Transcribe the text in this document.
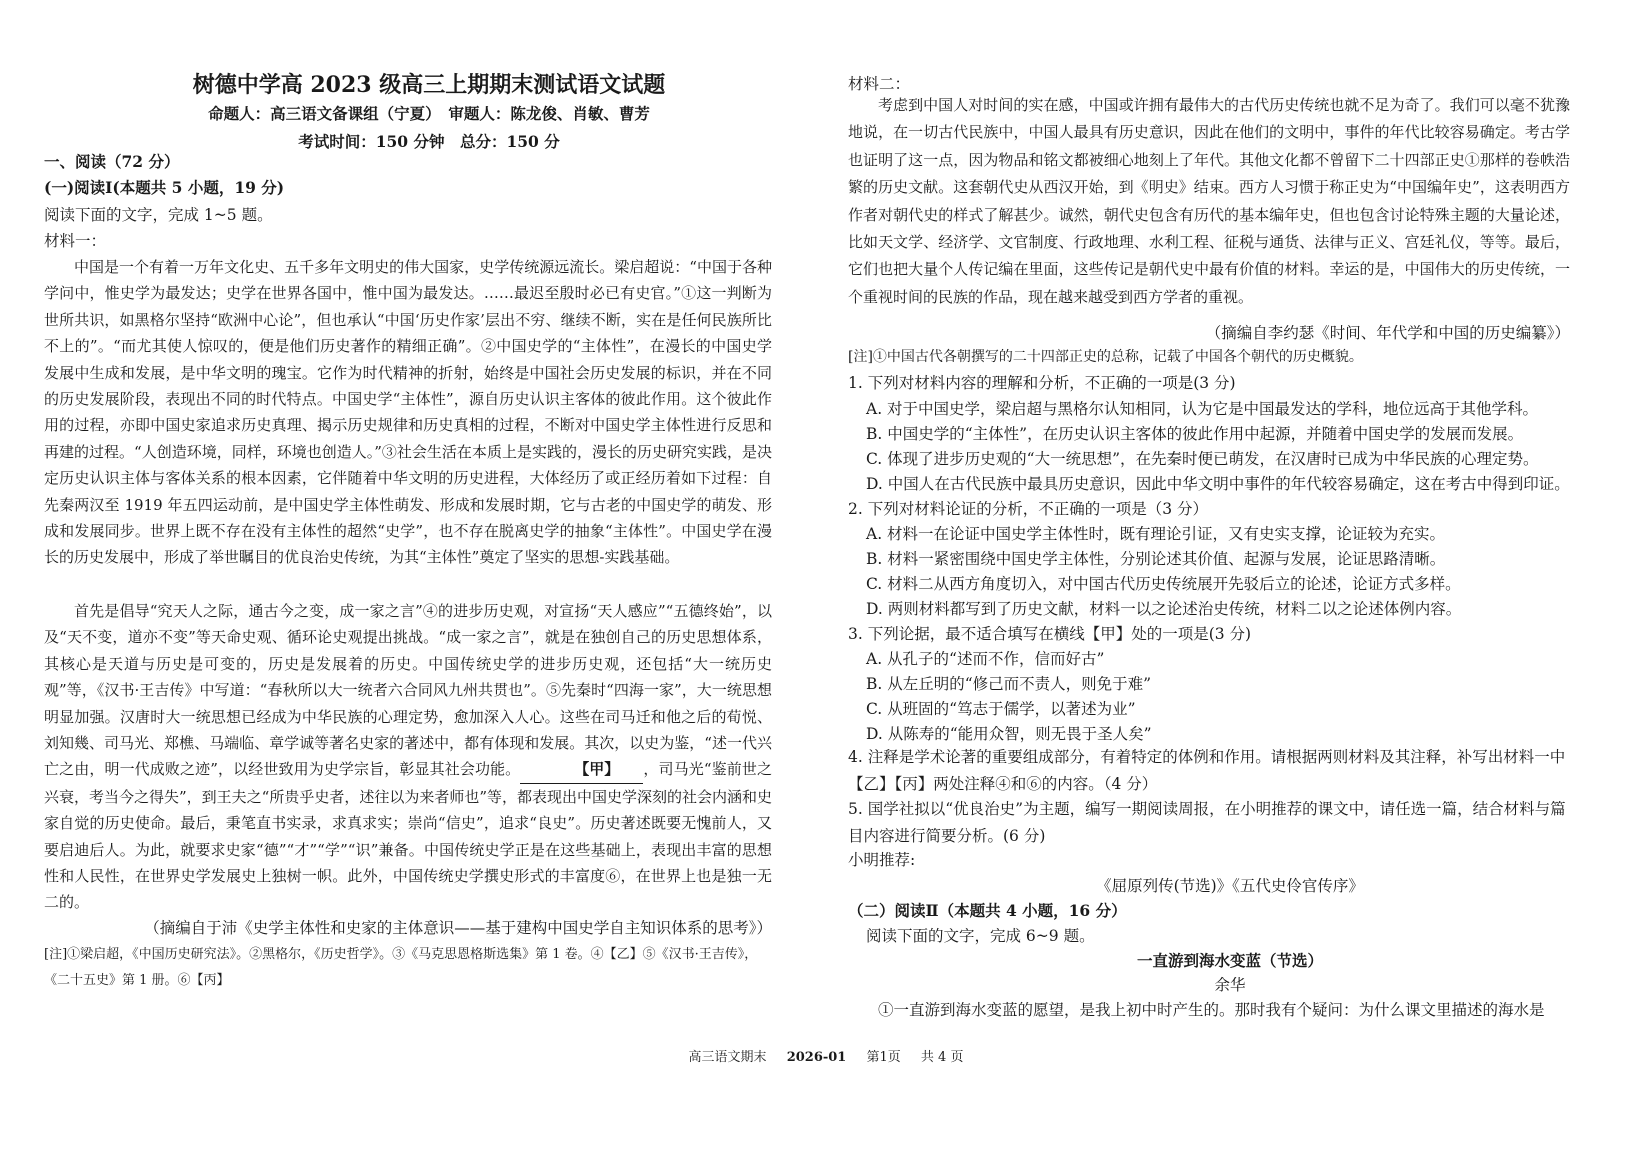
树德中学高 2023 级高三上期期末测试语文试题
命题人：高三语文备课组（宁夏）　审题人：陈龙俊、肖敏、曹芳
考试时间：150 分钟　总分：150 分
一、阅读（72 分）
(一)阅读Ⅰ(本题共 5 小题，19 分)
阅读下面的文字，完成 1~5 题。
材料一：
中国是一个有着一万年文化史、五千多年文明史的伟大国家，史学传统源远流长。梁启超说：“中国于各种学问中，惟史学为最发达；史学在世界各国中，惟中国为最发达。……最迟至殷时必已有史官。”①这一判断为世所共识，如黑格尔坚持“欧洲中心论”，但也承认“中国‘历史作家’层出不穷、继续不断，实在是任何民族所比不上的”。“而尤其使人惊叹的，便是他们历史著作的精细正确”。②中国史学的“主体性”，在漫长的中国史学发展中生成和发展，是中华文明的瑰宝。它作为时代精神的折射，始终是中国社会历史发展的标识，并在不同的历史发展阶段，表现出不同的时代特点。中国史学“主体性”，源自历史认识主客体的彼此作用。这个彼此作用的过程，亦即中国史家追求历史真理、揭示历史规律和历史真相的过程，不断对中国史学主体性进行反思和再建的过程。“人创造环境，同样，环境也创造人。”③社会生活在本质上是实践的，漫长的历史研究实践，是决定历史认识主体与客体关系的根本因素，它伴随着中华文明的历史进程，大体经历了或正经历着如下过程：自先秦两汉至 1919 年五四运动前，是中国史学主体性萌发、形成和发展时期，它与古老的中国史学的萌发、形成和发展同步。世界上既不存在没有主体性的超然“史学”，也不存在脱离史学的抽象“主体性”。中国史学在漫长的历史发展中，形成了举世瞩目的优良治史传统，为其“主体性”奠定了坚实的思想-实践基础。
首先是倡导“究天人之际，通古今之变，成一家之言”④的进步历史观，对宣扬“天人感应”“五德终始”，以及“天不变，道亦不变”等天命史观、循环论史观提出挑战。“成一家之言”，就是在独创自己的历史思想体系，其核心是天道与历史是可变的，历史是发展着的历史。中国传统史学的进步历史观，还包括“大一统历史观”等，《汉书·王吉传》中写道：“春秋所以大一统者六合同风九州共贯也”。⑤先秦时“四海一家”，大一统思想明显加强。汉唐时大一统思想已经成为中华民族的心理定势，愈加深入人心。这些在司马迁和他之后的荀悦、刘知幾、司马光、郑樵、马端临、章学诚等著名史家的著述中，都有体现和发展。其次，以史为鉴，“述一代兴亡之由，明一代成败之迹”，以经世致用为史学宗旨，彰显其社会功能。	【甲】 ，司马光“鉴前世之兴衰，考当今之得失”，到王夫之“所贵乎史者，述往以为来者师也”等，都表现出中国史学深刻的社会内涵和史家自觉的历史使命。最后，秉笔直书实录，求真求实；崇尚“信史”，追求“良史”。历史著述既要无愧前人，又要启迪后人。为此，就要求史家“德”“才”“学”“识”兼备。中国传统史学正是在这些基础上，表现出丰富的思想性和人民性，在世界史学发展史上独树一帜。此外，中国传统史学撰史形式的丰富度⑥，在世界上也是独一无二的。
（摘编自于沛《史学主体性和史家的主体意识——基于建构中国史学自主知识体系的思考》）
[注]①梁启超，《中国历史研究法》。②黑格尔，《历史哲学》。③《马克思恩格斯选集》第 1 卷。④【乙】⑤《汉书·王吉传》，《二十五史》第 1 册。⑥【丙】
材料二：
考虑到中国人对时间的实在感，中国或许拥有最伟大的古代历史传统也就不足为奇了。我们可以毫不犹豫地说，在一切古代民族中，中国人最具有历史意识，因此在他们的文明中，事件的年代比较容易确定。考古学也证明了这一点，因为物品和铭文都被细心地刻上了年代。其他文化都不曾留下二十四部正史①那样的卷帙浩繁的历史文献。这套朝代史从西汉开始，到《明史》结束。西方人习惯于称正史为“中国编年史”，这表明西方作者对朝代史的样式了解甚少。诚然，朝代史包含有历代的基本编年史，但也包含讨论特殊主题的大量论述，比如天文学、经济学、文官制度、行政地理、水利工程、征税与通货、法律与正义、宫廷礼仪，等等。最后，它们也把大量个人传记编在里面，这些传记是朝代史中最有价值的材料。幸运的是，中国伟大的历史传统，一个重视时间的民族的作品，现在越来越受到西方学者的重视。
（摘编自李约瑟《时间、年代学和中国的历史编纂》）
[注]①中国古代各朝撰写的二十四部正史的总称，记载了中国各个朝代的历史概貌。
1. 下列对材料内容的理解和分析，不正确的一项是(3 分)
A. 对于中国史学，梁启超与黑格尔认知相同，认为它是中国最发达的学科，地位远高于其他学科。
B. 中国史学的“主体性”，在历史认识主客体的彼此作用中起源，并随着中国史学的发展而发展。
C. 体现了进步历史观的“大一统思想”，在先秦时便已萌发，在汉唐时已成为中华民族的心理定势。
D. 中国人在古代民族中最具历史意识，因此中华文明中事件的年代较容易确定，这在考古中得到印证。
2. 下列对材料论证的分析，不正确的一项是（3 分）
A. 材料一在论证中国史学主体性时，既有理论引证，又有史实支撑，论证较为充实。
B. 材料一紧密围绕中国史学主体性，分别论述其价值、起源与发展，论证思路清晰。
C. 材料二从西方角度切入，对中国古代历史传统展开先驳后立的论述，论证方式多样。
D. 两则材料都写到了历史文献，材料一以之论述治史传统，材料二以之论述体例内容。
3. 下列论据，最不适合填写在横线【甲】处的一项是(3 分)
A. 从孔子的“述而不作，信而好古”
B. 从左丘明的“修己而不责人，则免于难”
C. 从班固的“笃志于儒学，以著述为业”
D. 从陈寿的“能用众智，则无畏于圣人矣”
4. 注释是学术论著的重要组成部分，有着特定的体例和作用。请根据两则材料及其注释，补写出材料一中【乙】【丙】两处注释④和⑥的内容。（4 分）
5. 国学社拟以“优良治史”为主题，编写一期阅读周报，在小明推荐的课文中，请任选一篇，结合材料与篇目内容进行简要分析。(6 分)
小明推荐:
《屈原列传(节选)》《五代史伶官传序》
（二）阅读Ⅱ（本题共 4 小题，16 分）
阅读下面的文字，完成 6~9 题。
一直游到海水变蓝（节选）
余华
①一直游到海水变蓝的愿望，是我上初中时产生的。那时我有个疑问：为什么课文里描述的海水是
高三语文期末 2026-01 第1页 共 4 页
